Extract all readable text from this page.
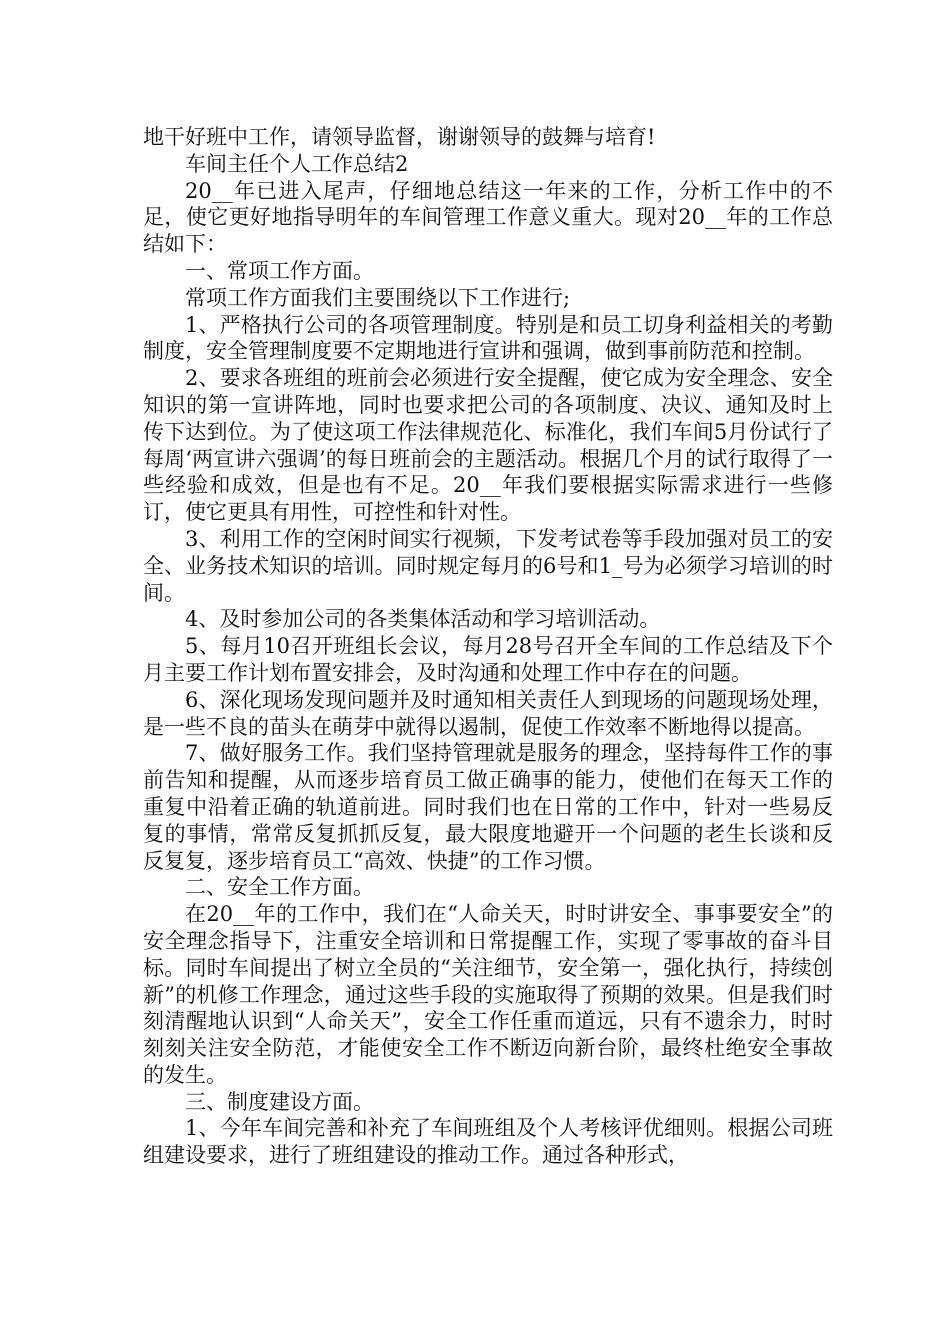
地干好班中工作，请领导监督，谢谢领导的鼓舞与培育!

车间主任个人工作总结2

20__年已进入尾声，仔细地总结这一年来的工作，分析工作中的不足，使它更好地指导明年的车间管理工作意义重大。现对20__年的工作总结如下：

一、常项工作方面。

常项工作方面我们主要围绕以下工作进行;

1、严格执行公司的各项管理制度。特别是和员工切身利益相关的考勤制度，安全管理制度要不定期地进行宣讲和强调，做到事前防范和控制。

2、要求各班组的班前会必须进行安全提醒，使它成为安全理念、安全知识的第一宣讲阵地，同时也要求把公司的各项制度、决议、通知及时上传下达到位。为了使这项工作法律规范化、标准化，我们车间5月份试行了每周‘两宣讲六强调’的每日班前会的主题活动。根据几个月的试行取得了一些经验和成效，但是也有不足。20__年我们要根据实际需求进行一些修订，使它更具有用性，可控性和针对性。

3、利用工作的空闲时间实行视频，下发考试卷等手段加强对员工的安全、业务技术知识的培训。同时规定每月的6号和1_号为必须学习培训的时间。

4、及时参加公司的各类集体活动和学习培训活动。

5、每月10召开班组长会议，每月28号召开全车间的工作总结及下个月主要工作计划布置安排会，及时沟通和处理工作中存在的问题。

6、深化现场发现问题并及时通知相关责任人到现场的问题现场处理，是一些不良的苗头在萌芽中就得以遏制，促使工作效率不断地得以提高。

7、做好服务工作。我们坚持管理就是服务的理念，坚持每件工作的事前告知和提醒，从而逐步培育员工做正确事的能力，使他们在每天工作的重复中沿着正确的轨道前进。同时我们也在日常的工作中，针对一些易反复的事情，常常反复抓抓反复，最大限度地避开一个问题的老生长谈和反反复复，逐步培育员工“高效、快捷”的工作习惯。

二、安全工作方面。

在20__年的工作中，我们在“人命关天，时时讲安全、事事要安全”的安全理念指导下，注重安全培训和日常提醒工作，实现了零事故的奋斗目标。同时车间提出了树立全员的“关注细节，安全第一，强化执行，持续创新”的机修工作理念，通过这些手段的实施取得了预期的效果。但是我们时刻清醒地认识到“人命关天”，安全工作任重而道远，只有不遗余力，时时刻刻关注安全防范，才能使安全工作不断迈向新台阶，最终杜绝安全事故的发生。

三、制度建设方面。

1、今年车间完善和补充了车间班组及个人考核评优细则。根据公司班组建设要求，进行了班组建设的推动工作。通过各种形式，
